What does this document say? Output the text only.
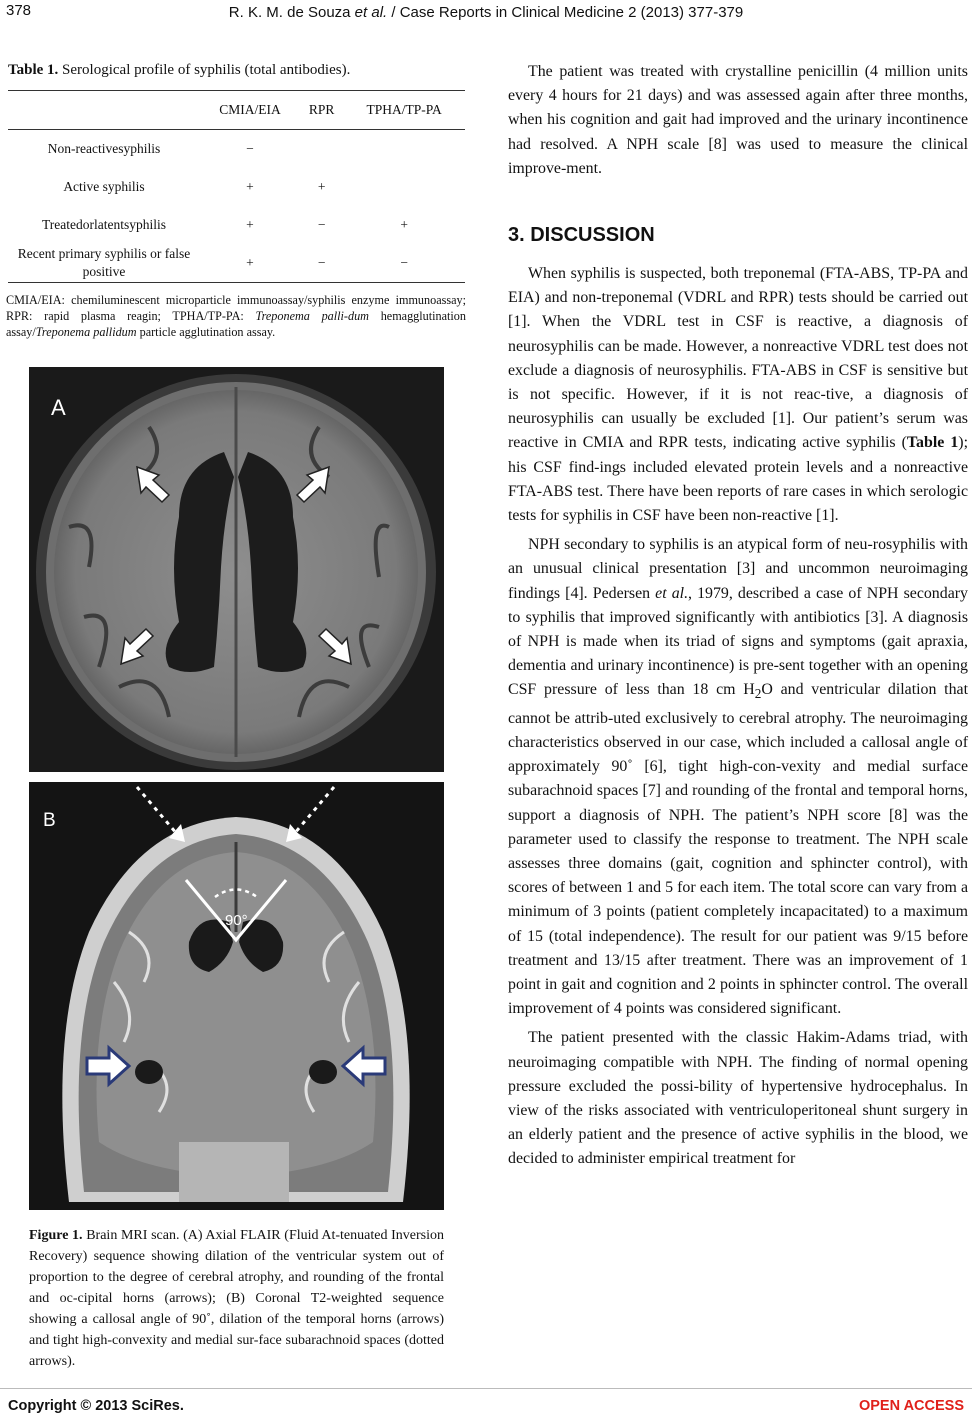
378	R. K. M. de Souza et al. / Case Reports in Clinical Medicine 2 (2013) 377-379
Table 1. Serological profile of syphilis (total antibodies).
	CMIA/EIA	RPR	TPHA/TP-PA
Non-reactivesyphilis	−		
Active syphilis	+	+	
Treatedorlatentsyphilis	+	−	+
Recent primary syphilis or false positive	+	−	−
CMIA/EIA: chemiluminescent microparticle immunoassay/syphilis enzyme immunoassay; RPR: rapid plasma reagin; TPHA/TP-PA: Treponema palli-dum hemagglutination assay/Treponema pallidum particle agglutination assay.
A
90°
B
Figure 1. Brain MRI scan. (A) Axial FLAIR (Fluid At-tenuated Inversion Recovery) sequence showing dilation of the ventricular system out of proportion to the degree of cerebral atrophy, and rounding of the frontal and oc-cipital horns (arrows); (B) Coronal T2-weighted sequence showing a callosal angle of 90˚, dilation of the temporal horns (arrows) and tight high-convexity and medial sur-face subarachnoid spaces (dotted arrows).

The patient was treated with crystalline penicillin (4 million units every 4 hours for 21 days) and was assessed again after three months, when his cognition and gait had improved and the urinary incontinence had resolved. A NPH scale [8] was used to measure the clinical improve-ment.

3. DISCUSSION

When syphilis is suspected, both treponemal (FTA-ABS, TP-PA and EIA) and non-treponemal (VDRL and RPR) tests should be carried out [1]. When the VDRL test in CSF is reactive, a diagnosis of neurosyphilis can be made. However, a nonreactive VDRL test does not exclude a diagnosis of neurosyphilis. FTA-ABS in CSF is sensitive but is not specific. However, if it is not reac-tive, a diagnosis of neurosyphilis can usually be excluded [1]. Our patient’s serum was reactive in CMIA and RPR tests, indicating active syphilis (Table 1); his CSF find-ings included elevated protein levels and a nonreactive FTA-ABS test. There have been reports of rare cases in which serologic tests for syphilis in CSF have been non-reactive [1].

NPH secondary to syphilis is an atypical form of neu-rosyphilis with an unusual clinical presentation [3] and uncommon neuroimaging findings [4]. Pedersen et al., 1979, described a case of NPH secondary to syphilis that improved significantly with antibiotics [3]. A diagnosis of NPH is made when its triad of signs and symptoms (gait apraxia, dementia and urinary incontinence) is pre-sent together with an opening CSF pressure of less than 18 cm $H_2O$ and ventricular dilation that cannot be attrib-uted exclusively to cerebral atrophy. The neuroimaging characteristics observed in our case, which included a callosal angle of approximately 90˚ [6], tight high-con-vexity and medial surface subarachnoid spaces [7] and rounding of the frontal and temporal horns, support a diagnosis of NPH. The patient’s NPH score [8] was the parameter used to classify the response to treatment. The NPH scale assesses three domains (gait, cognition and sphincter control), with scores of between 1 and 5 for each item. The total score can vary from a minimum of 3 points (patient completely incapacitated) to a maximum of 15 (total independence). The result for our patient was 9/15 before treatment and 13/15 after treatment. There was an improvement of 1 point in gait and cognition and 2 points in sphincter control. The overall improvement of 4 points was considered significant.

The patient presented with the classic Hakim-Adams triad, with neuroimaging compatible with NPH. The finding of normal opening pressure excluded the possi-bility of hypertensive hydrocephalus. In view of the risks associated with ventriculoperitoneal shunt surgery in an elderly patient and the presence of active syphilis in the blood, we decided to administer empirical treatment for

Copyright © 2013 SciRes.	OPEN ACCESS
